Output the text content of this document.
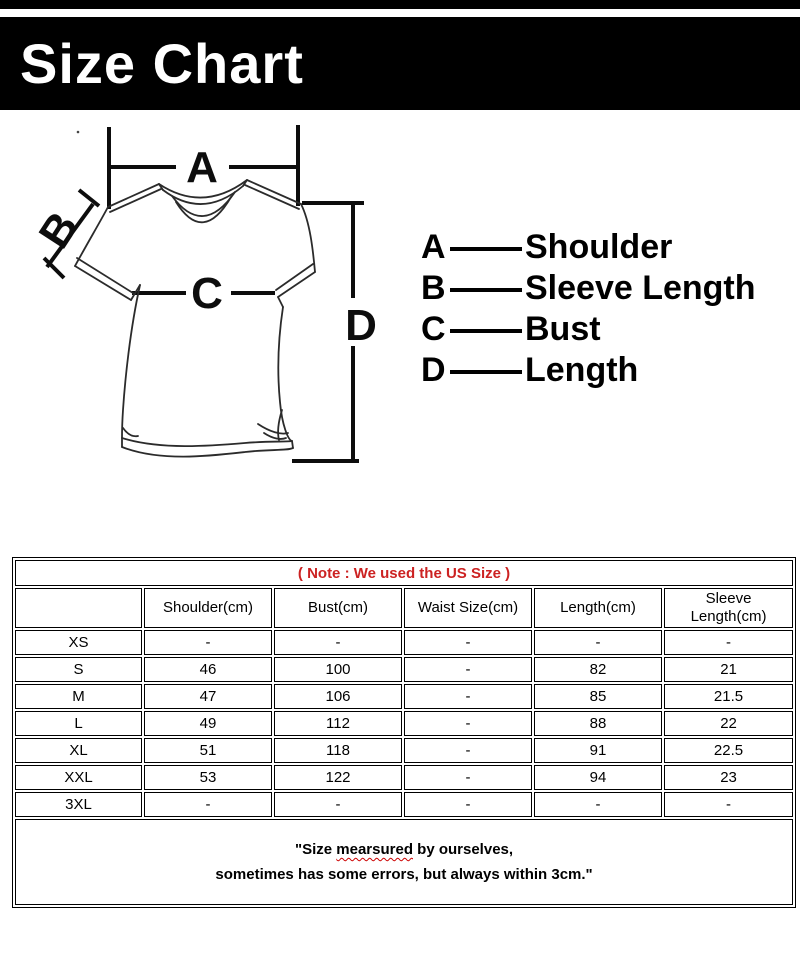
Size Chart
A
B
C
D
A Shoulder
B Sleeve Length
C Bust
D Length
( Note : We used the US Size )					
	Shoulder(cm)	Bust(cm)	Waist Size(cm)	Length(cm)	Sleeve
Length(cm)
XS	-	-	-	-	-
S	46	100	-	82	21
M	47	106	-	85	21.5
L	49	112	-	88	22
XL	51	118	-	91	22.5
XXL	53	122	-	94	23
3XL	-	-	-	-	-

"Size mearsured by ourselves,
sometimes has some errors, but always within 3cm."					
